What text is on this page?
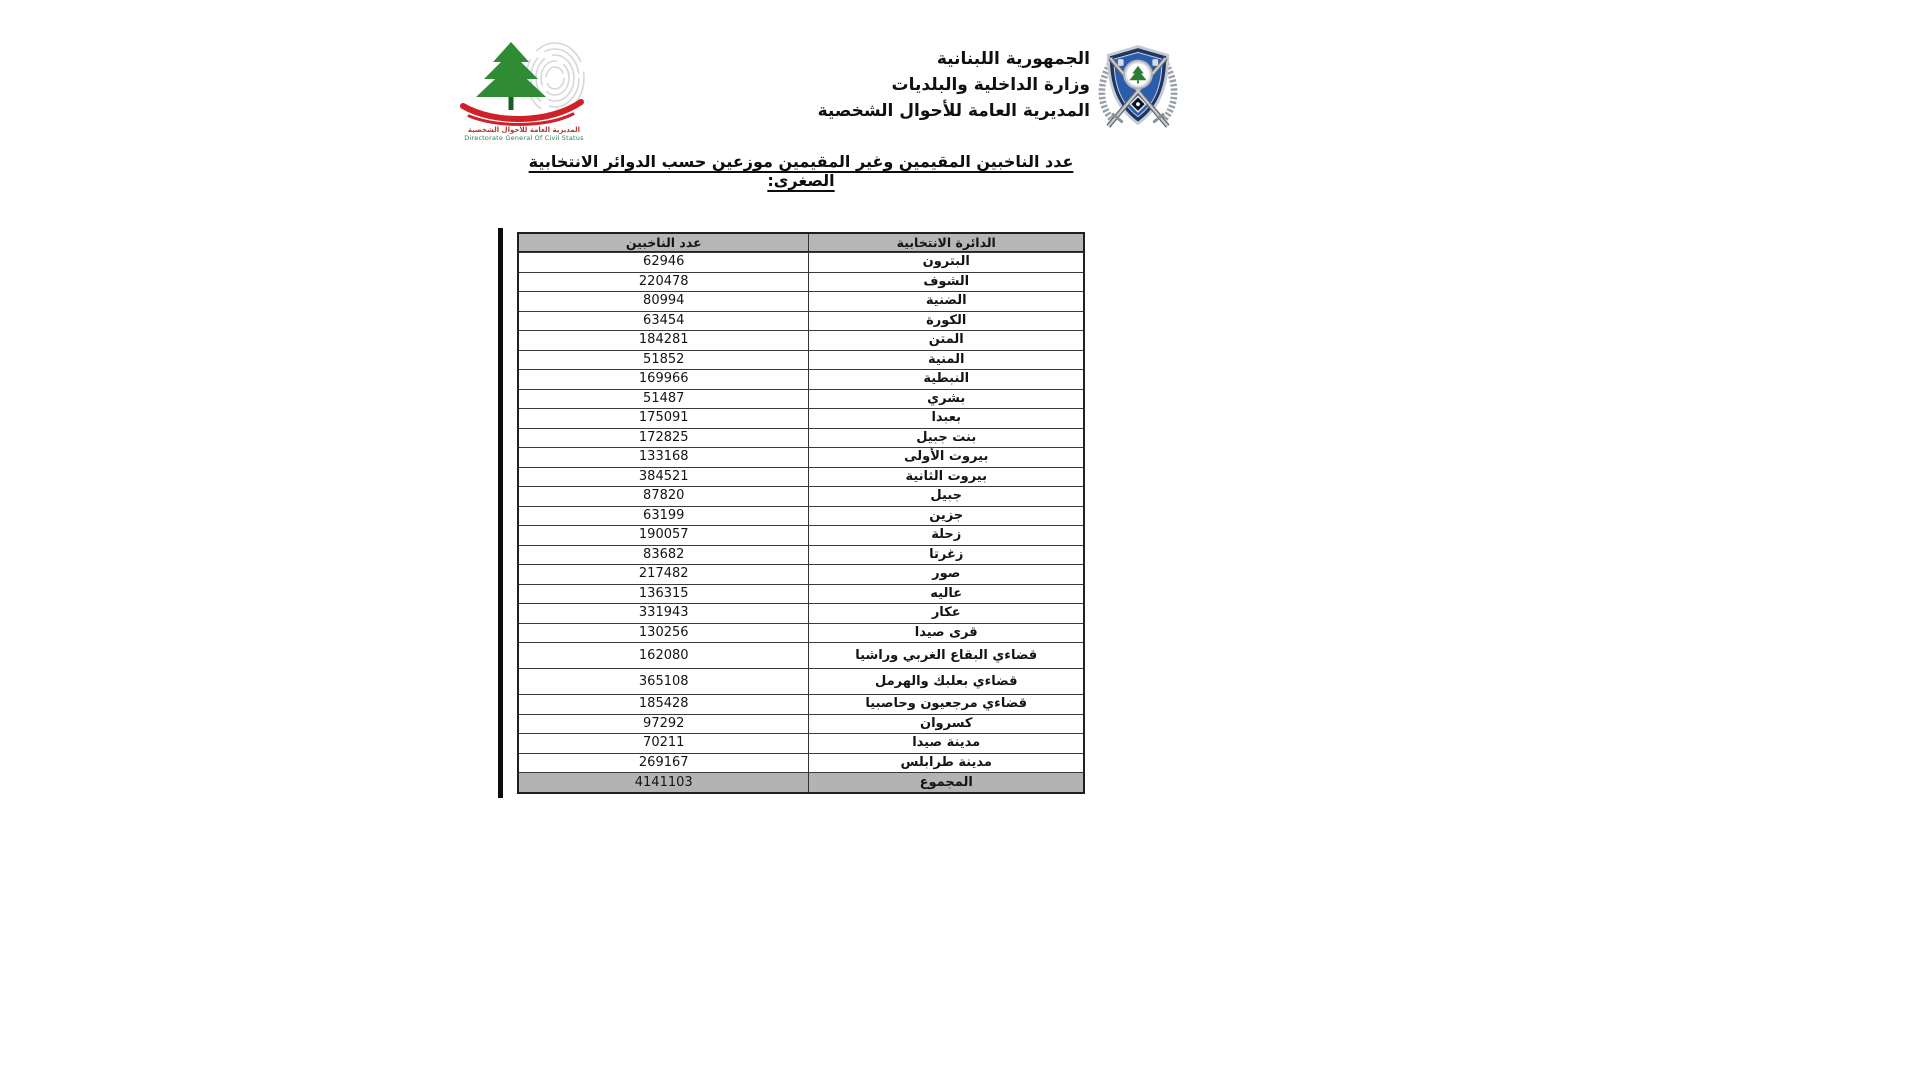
المديرية العامة للأحوال الشخصية
Directorate General Of Civil Status
الجمهورية اللبنانية
وزارة الداخلية والبلديات
المديرية العامة للأحوال الشخصية
عدد الناخبين المقيمين وغير المقيمين موزعين حسب الدوائر الانتخابية الصغرى:
عدد الناخبين	الدائرة الانتخابية
62946	البترون
220478	الشوف
80994	الضنية
63454	الكورة
184281	المتن
51852	المنية
169966	النبطية
51487	بشري
175091	بعبدا
172825	بنت جبيل
133168	بيروت الأولى
384521	بيروت الثانية
87820	جبيل
63199	جزين
190057	زحلة
83682	زغرتا
217482	صور
136315	عاليه
331943	عكار
130256	قرى صيدا
162080	قضاءي البقاع الغربي وراشيا
365108	قضاءي بعلبك والهرمل
185428	قضاءي مرجعيون وحاصبيا
97292	كسروان
70211	مدينة صيدا
269167	مدينة طرابلس
4141103	المجموع
